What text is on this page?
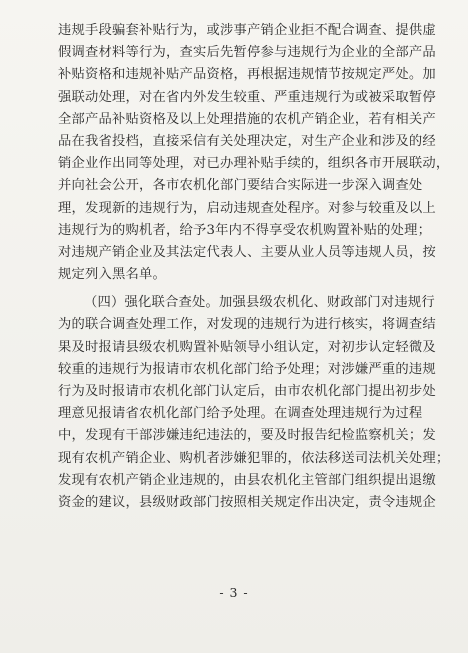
违规手段骗套补贴行为，或涉事产销企业拒不配合调查、提供虚
假调查材料等行为，查实后先暂停参与违规行为企业的全部产品
补贴资格和违规补贴产品资格，再根据违规情节按规定严处。加
强联动处理，对在省内外发生较重、严重违规行为或被采取暂停
全部产品补贴资格及以上处理措施的农机产销企业，若有相关产
品在我省投档，直接采信有关处理决定，对生产企业和涉及的经
销企业作出同等处理，对已办理补贴手续的，组织各市开展联动，
并向社会公开，各市农机化部门要结合实际进一步深入调查处
理，发现新的违规行为，启动违规查处程序。对参与较重及以上
违规行为的购机者，给予3年内不得享受农机购置补贴的处理；
对违规产销企业及其法定代表人、主要从业人员等违规人员，按
规定列入黑名单。
（四）强化联合查处。加强县级农机化、财政部门对违规行
为的联合调查处理工作，对发现的违规行为进行核实，将调查结
果及时报请县级农机购置补贴领导小组认定，对初步认定轻微及
较重的违规行为报请市农机化部门给予处理；对涉嫌严重的违规
行为及时报请市农机化部门认定后，由市农机化部门提出初步处
理意见报请省农机化部门给予处理。在调查处理违规行为过程
中，发现有干部涉嫌违纪违法的，要及时报告纪检监察机关；发
现有农机产销企业、购机者涉嫌犯罪的，依法移送司法机关处理；
发现有农机产销企业违规的，由县农机化主管部门组织提出退缴
资金的建议，县级财政部门按照相关规定作出决定，责令违规企
- 3 -
